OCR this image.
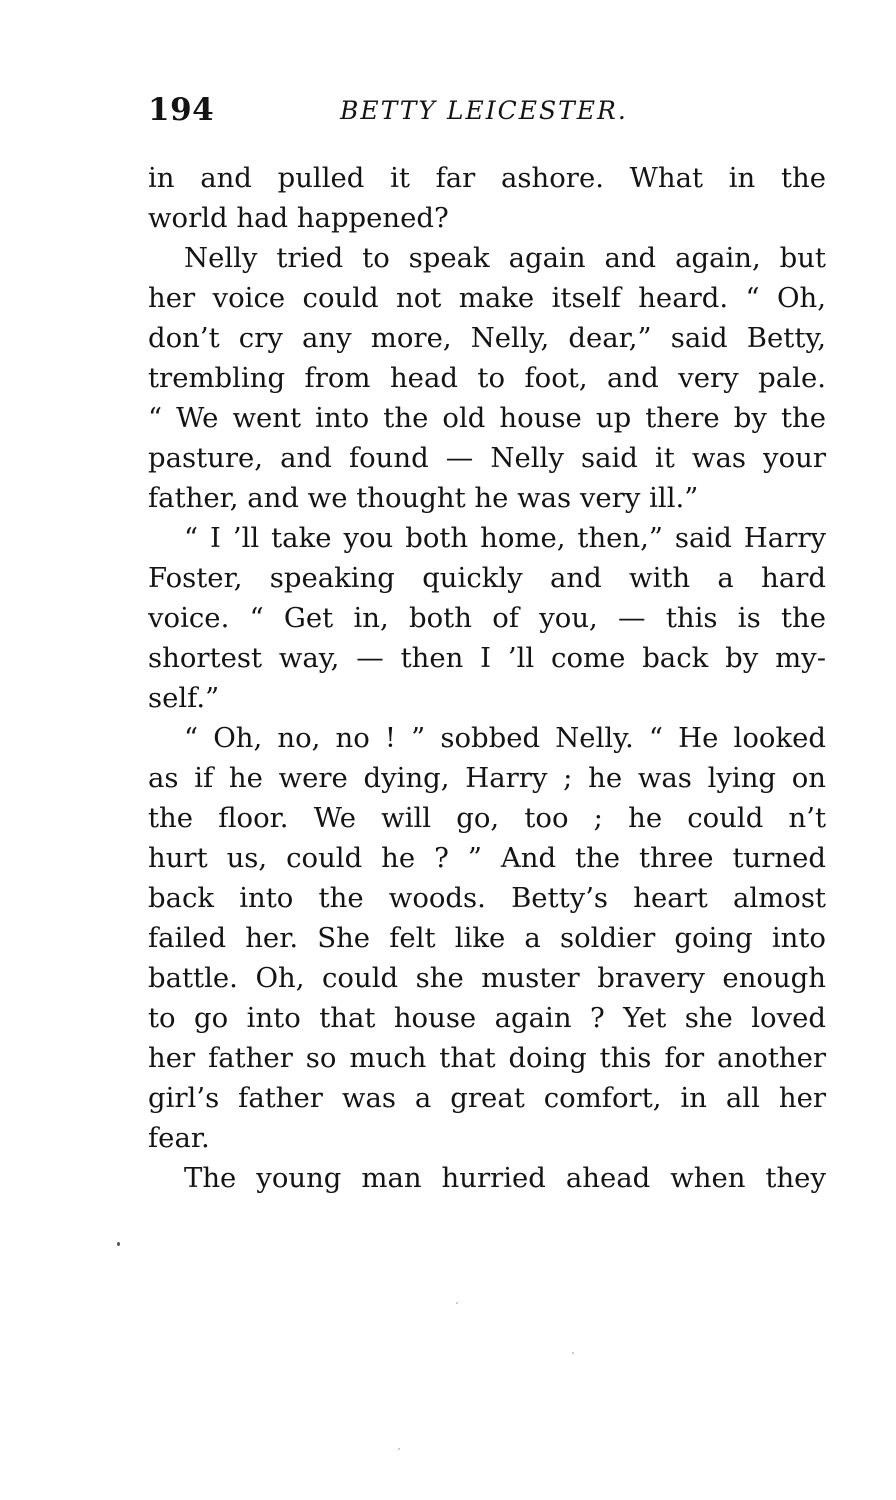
194	BETTY LEICESTER.
in and pulled it far ashore. What in the
world had happened?
Nelly tried to speak again and again, but
her voice could not make itself heard. “ Oh,
don’t cry any more, Nelly, dear,” said Betty,
trembling from head to foot, and very pale.
“ We went into the old house up there by the
pasture, and found — Nelly said it was your
father, and we thought he was very ill.”
“ I ’ll take you both home, then,” said Harry
Foster, speaking quickly and with a hard
voice. “ Get in, both of you, — this is the
shortest way, — then I ’ll come back by my-
self.”
“ Oh, no, no ! ” sobbed Nelly. “ He looked
as if he were dying, Harry ; he was lying on
the floor. We will go, too ; he could n’t
hurt us, could he ? ” And the three turned
back into the woods. Betty’s heart almost
failed her. She felt like a soldier going into
battle. Oh, could she muster bravery enough
to go into that house again ? Yet she loved
her father so much that doing this for another
girl’s father was a great comfort, in all her
fear.
The young man hurried ahead when they
